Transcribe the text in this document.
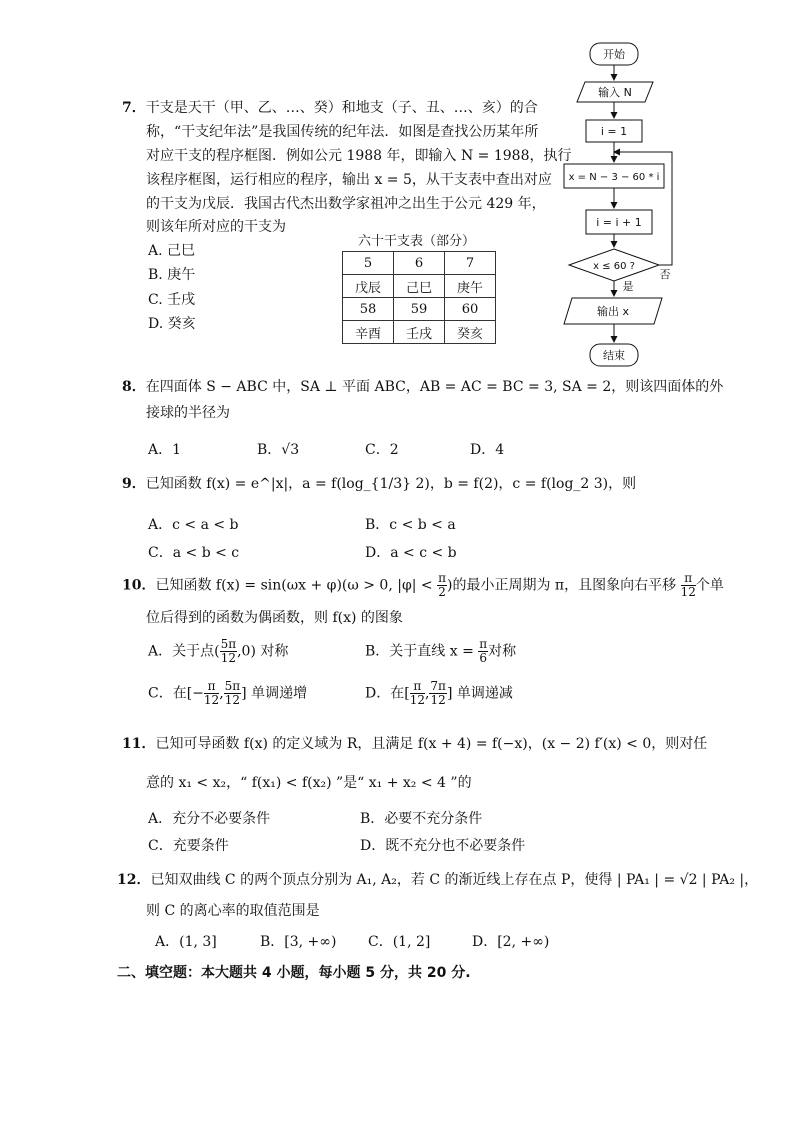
7．干支是天干（甲、乙、…、癸）和地支（子、丑、…、亥）的合
称，“干支纪年法”是我国传统的纪年法．如图是查找公历某年所
对应干支的程序框图．例如公元 1988 年，即输入 N = 1988，执行
该程序框图，运行相应的程序，输出 x = 5，从干支表中查出对应
的干支为戊辰．我国古代杰出数学家祖冲之出生于公元 429 年，
则该年所对应的干支为
A. 己巳
B. 庚午
C. 壬戌
D. 癸亥
六十干支表（部分）
5	6	7
戊辰	己巳	庚午
58	59	60
辛酉	壬戌	癸亥
开始
输入 N
i = 1
x = N − 3 − 60 * i
i = i + 1
x ≤ 60 ?
否
是
输出 x
结束
8．在四面体 S − ABC 中，SA ⊥ 平面 ABC，AB = AC = BC = 3, SA = 2，则该四面体的外
接球的半径为
A．1	B．√3	C．2	D．4
9．已知函数 f(x) = e^|x|，a = f(log_{1/3} 2)，b = f(2)，c = f(log_2 3)，则
A．c < a < b	B．c < b < a
C．a < b < c	D．a < c < b
10．已知函数 f(x) = sin(ωx + φ)(ω > 0, $|\varphi| < \frac{\pi}{2}$ )的最小正周期为 π，且图象向右平移 $\frac{\pi}{12}$ 个单
位后得到的函数为偶函数，则 f(x) 的图象
A．关于点( $\frac{5\pi}{12} ,0$) 对称	B．关于直线 $x = \frac{\pi}{6}$ 对称
C．在[− $\frac{\pi}{12}$ , $\frac{5\pi}{12}$ ] 单调递增	D．在[ $\frac{\pi}{12}$ , $\frac{7\pi}{12}$ ] 单调递减
11．已知可导函数 f(x) 的定义域为 R，且满足 f(x + 4) = f(−x)，(x − 2) f′(x) < 0，则对任
意的 x₁ < x₂，“ f(x₁) < f(x₂) ”是“ x₁ + x₂ < 4 ”的
A．充分不必要条件	B．必要不充分条件
C．充要条件	D．既不充分也不必要条件
12．已知双曲线 C 的两个顶点分别为 A₁, A₂，若 C 的渐近线上存在点 P，使得 | PA₁ | = √2 | PA₂ |，
则 C 的离心率的取值范围是
A．(1, 3]	B．[3, +∞) C．(1, 2]	D．[2, +∞)
二、填空题：本大题共 4 小题，每小题 5 分，共 20 分.
